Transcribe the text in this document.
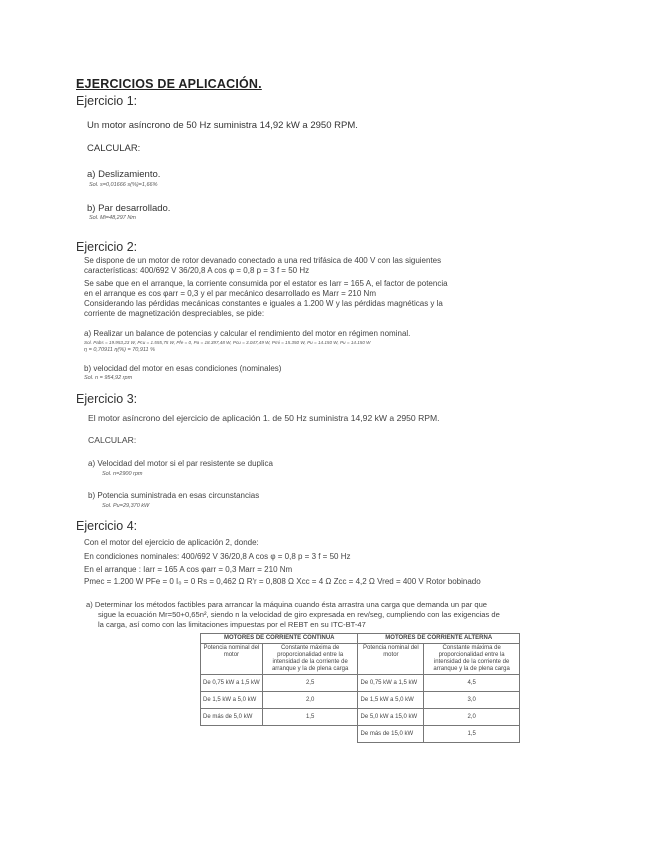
EJERCICIOS DE APLICACIÓN.
Ejercicio 1:
Un motor asíncrono de 50 Hz suministra 14,92 kW a 2950 RPM.
CALCULAR:
a) Deslizamiento.
Sol. s=0,01666 s(%)=1,66%
b) Par desarrollado.
Sol. Mi=48,297 Nm
Ejercicio 2:
Se dispone de un motor de rotor devanado conectado a una red trifásica de 400 V con las siguientes
características: 400/692 V 36/20,8 A cos φ = 0,8 p = 3 f = 50 Hz
Se sabe que en el arranque, la corriente consumida por el estator es Iarr = 165 A, el factor de potencia
en el arranque es cos φarr = 0,3 y el par mecánico desarrollado es Marr = 210 Nm
Considerando las pérdidas mecánicas constantes e iguales a 1.200 W y las pérdidas magnéticas y la
corriente de magnetización despreciables, se pide:
a) Realizar un balance de potencias y calcular el rendimiento del motor en régimen nominal.
Sol. Pabs = 19.953,23 W, Pcu = 1.555,75 W, Pfe = 0, Pa = 18.397,48 W, Pcu = 3.047,49 W, Pmi = 15.350 W, Pu = 14.150 W, Pu = 14.150 W
η = 0,70911 η(%) = 70,911 %
b) velocidad del motor en esas condiciones (nominales)
Sol. n = 954,92 rpm
Ejercicio 3:
El motor asíncrono del ejercicio de aplicación 1. de 50 Hz suministra 14,92 kW a 2950 RPM.
CALCULAR:
a) Velocidad del motor si el par resistente se duplica
Sol. n=2900 rpm
b) Potencia suministrada en esas circunstancias
Sol. Pu=29,370 kW
Ejercicio 4:
Con el motor del ejercicio de aplicación 2, donde:
En condiciones nominales: 400/692 V 36/20,8 A cos φ = 0,8 p = 3 f = 50 Hz
En el arranque : Iarr = 165 A cos φarr = 0,3 Marr = 210 Nm
Pmec = 1.200 W PFe = 0 I₀ = 0 Rs = 0,462 Ω R'r = 0,808 Ω Xcc = 4 Ω Zcc = 4,2 Ω Vred = 400 V Rotor bobinado
a) Determinar los métodos factibles para arrancar la máquina cuando ésta arrastra una carga que demanda un par que
sigue la ecuación Mr=50+0,65n², siendo n la velocidad de giro expresada en rev/seg, cumpliendo con las exigencias de
la carga, así como con las limitaciones impuestas por el REBT en su ITC-BT-47
MOTORES DE CORRIENTE CONTINUA		MOTORES DE CORRIENTE ALTERNA	
Potencia nominal del motor	Constante máxima de proporcionalidad entre la intensidad de la corriente de arranque y la de plena carga	Potencia nominal del motor	Constante máxima de proporcionalidad entre la intensidad de la corriente de arranque y la de plena carga
De 0,75 kW a 1,5 kW	2,5	De 0,75 kW a 1,5 kW	4,5
De 1,5 kW a 5,0 kW	2,0	De 1,5 kW a 5,0 kW	3,0
De más de 5,0 kW	1,5	De 5,0 kW a 15,0 kW	2,0
		De más de 15,0 kW	1,5
